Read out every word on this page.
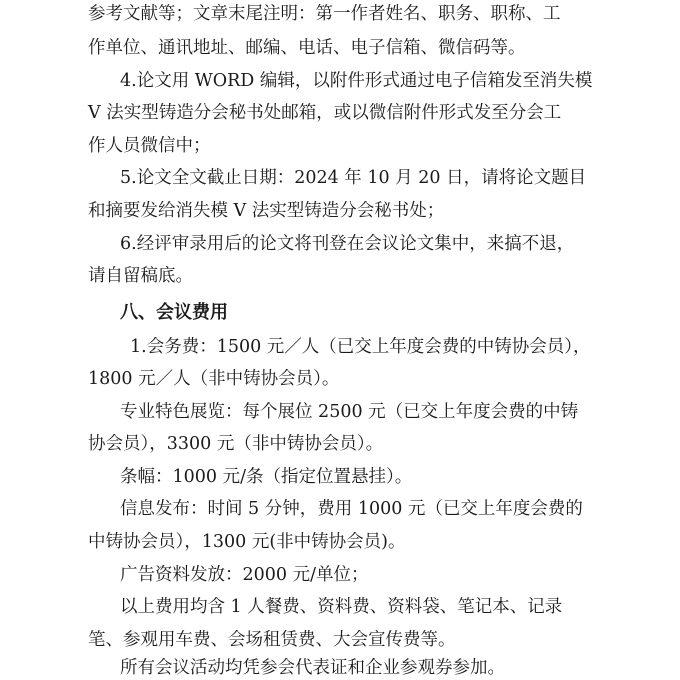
参考文献等；文章末尾注明：第一作者姓名、职务、职称、工
作单位、通讯地址、邮编、电话、电子信箱、微信码等。
4.论文用 WORD 编辑，以附件形式通过电子信箱发至消失模
V 法实型铸造分会秘书处邮箱，或以微信附件形式发至分会工
作人员微信中；
5.论文全文截止日期：2024 年 10 月 20 日，请将论文题目
和摘要发给消失模 V 法实型铸造分会秘书处；
6.经评审录用后的论文将刊登在会议论文集中，来搞不退，
请自留稿底。
八、会议费用
1.会务费：1500 元／人（已交上年度会费的中铸协会员），
1800 元／人（非中铸协会员）。
专业特色展览：每个展位 2500 元（已交上年度会费的中铸
协会员），3300 元（非中铸协会员）。
条幅：1000 元/条（指定位置悬挂）。
信息发布：时间 5 分钟，费用 1000 元（已交上年度会费的
中铸协会员），1300 元(非中铸协会员)。
广告资料发放：2000 元/单位；
以上费用均含 1 人餐费、资料费、资料袋、笔记本、记录
笔、参观用车费、会场租赁费、大会宣传费等。
所有会议活动均凭参会代表证和企业参观券参加。
